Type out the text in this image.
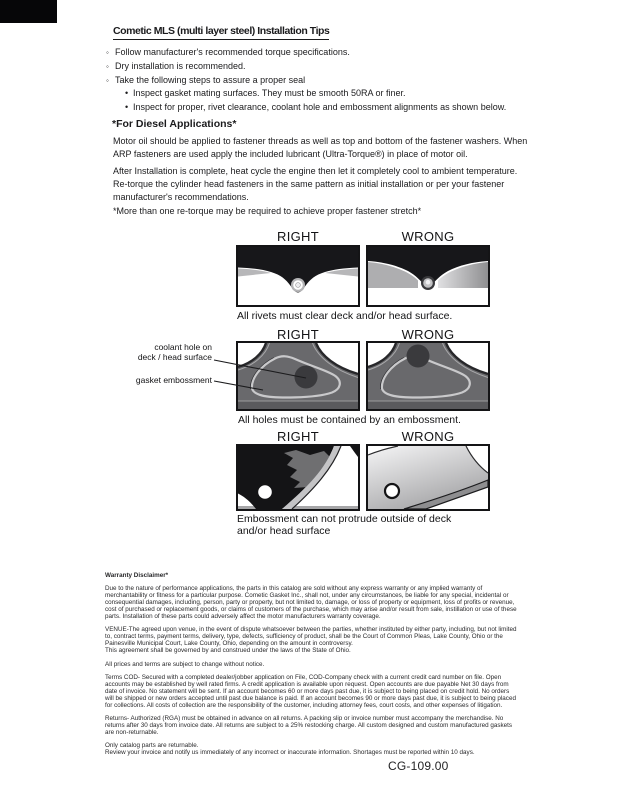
Cometic MLS (multi layer steel) Installation Tips
◦ Follow manufacturer's recommended torque specifications.
◦ Dry installation is recommended.
◦ Take the following steps to assure a proper seal
• Inspect gasket mating surfaces. They must be smooth 50RA or finer.
• Inspect for proper, rivet clearance, coolant hole and embossment alignments as shown below.
*For Diesel Applications*
Motor oil should be applied to fastener threads as well as top and bottom of the fastener washers. When ARP fasteners are used apply the included lubricant (Ultra-Torque®) in place of motor oil.
After Installation is complete, heat cycle the engine then let it completely cool to ambient temperature. Re-torque the cylinder head fasteners in the same pattern as initial installation or per your fastener manufacturer's recommendations.
*More than one re-torque may be required to achieve proper fastener stretch*
RIGHT	WRONG
All rivets must clear deck and/or head surface.
coolant hole on
deck / head surface
gasket embossment
RIGHT	WRONG
All holes must be contained by an embossment.
RIGHT	WRONG
Embossment can not protrude outside of deck
and/or head surface
Warranty Disclaimer*
Due to the nature of performance applications, the parts in this catalog are sold without any express warranty or any implied warranty of merchantability or fitness for a particular purpose. Cometic Gasket Inc., shall not, under any circumstances, be liable for any special, incidental or consequential damages, including, person, party or property, but not limited to, damage, or loss of property or equipment, loss of profits or revenue, cost of purchased or replacement goods, or claims of customers of the purchase, which may arise and/or result from sale, instillation or use of these parts. Installation of these parts could adversely affect the motor manufacturers warranty coverage.
VENUE-The agreed upon venue, in the event of dispute whatsoever between the parties, whether instituted by either party, including, but not limited to, contract terms, payment terms, delivery, type, defects, sufficiency of product, shall be the Court of Common Pleas, Lake County, Ohio or the Painesville Municipal Court, Lake County, Ohio, depending on the amount in controversy.
This agreement shall be governed by and construed under the laws of the State of Ohio.
All prices and terms are subject to change without notice.
Terms COD- Secured with a completed dealer/jobber application on File, COD-Company check with a current credit card number on file. Open accounts may be established by well rated firms. A credit application is available upon request. Open accounts are due payable Net 30 days from date of invoice. No statement will be sent. If an account becomes 60 or more days past due, it is subject to being placed on credit hold. No orders will be shipped or new orders accepted until past due balance is paid. If an account becomes 90 or more days past due, it is subject to being placed for collections. All costs of collection are the responsibility of the customer, including attorney fees, court costs, and other expenses of litigation.
Returns- Authorized (RGA) must be obtained in advance on all returns. A packing slip or invoice number must accompany the merchandise. No returns after 30 days from invoice date. All returns are subject to a 25% restocking charge. All custom designed and custom manufactured gaskets are non-returnable.
Only catalog parts are returnable.
Review your invoice and notify us immediately of any incorrect or inaccurate information. Shortages must be reported within 10 days.
CG-109.00
